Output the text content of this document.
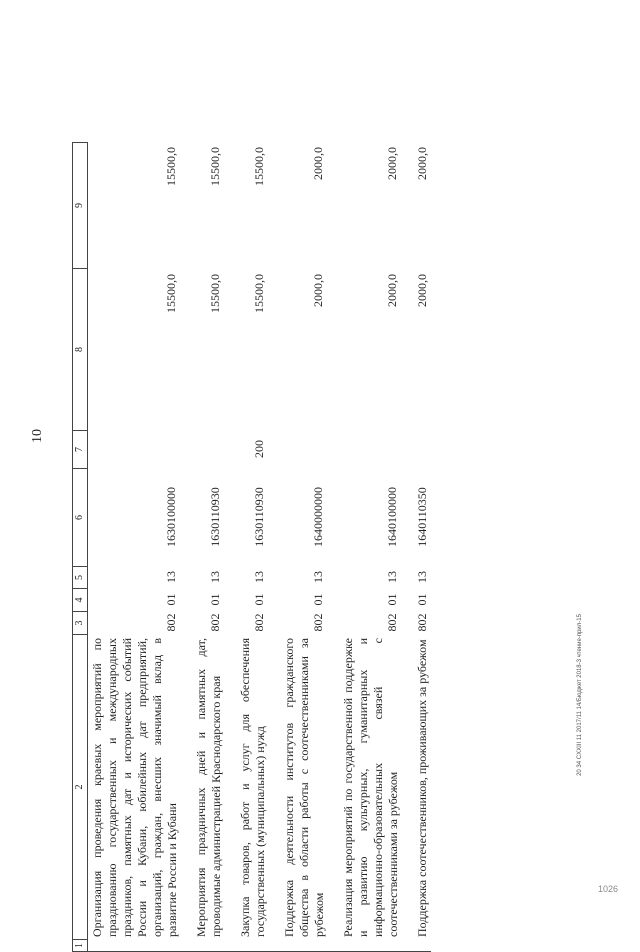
10
1
2
3
4
5
6
7
8
9
Организация проведения краевых мероприятий по празднованию государственных и международных праздников, памятных дат и исторических событий России и Кубани, юбилейных дат предприятий, организаций, граждан, внесших значимый вклад в развитие России и Кубани
802
01
13
1630100000
15500,0
15500,0
Мероприятия праздничных дней и памятных дат, проводимые администрацией Краснодарского края
802
01
13
1630110930
15500,0
15500,0
Закупка товаров, работ и услуг для обеспечения государственных (муниципальных) нужд
802
01
13
1630110930
200
15500,0
15500,0
Поддержка деятельности институтов гражданского общества в области работы с соотечественниками за рубежом
802
01
13
1640000000
2000,0
2000,0
Реализация мероприятий по государственной поддержке и развитию культурных, гуманитарных и информационно-образовательных связей с соотечественниками за рубежом
802
01
13
1640100000
2000,0
2000,0
Поддержка соотечественников, проживающих за рубежом
802
01
13
1640110350
2000,0
2000,0
20 34 CXXIII 11 2017/11 14/Бюджет 2018-3 чтение-прил-15
1026
